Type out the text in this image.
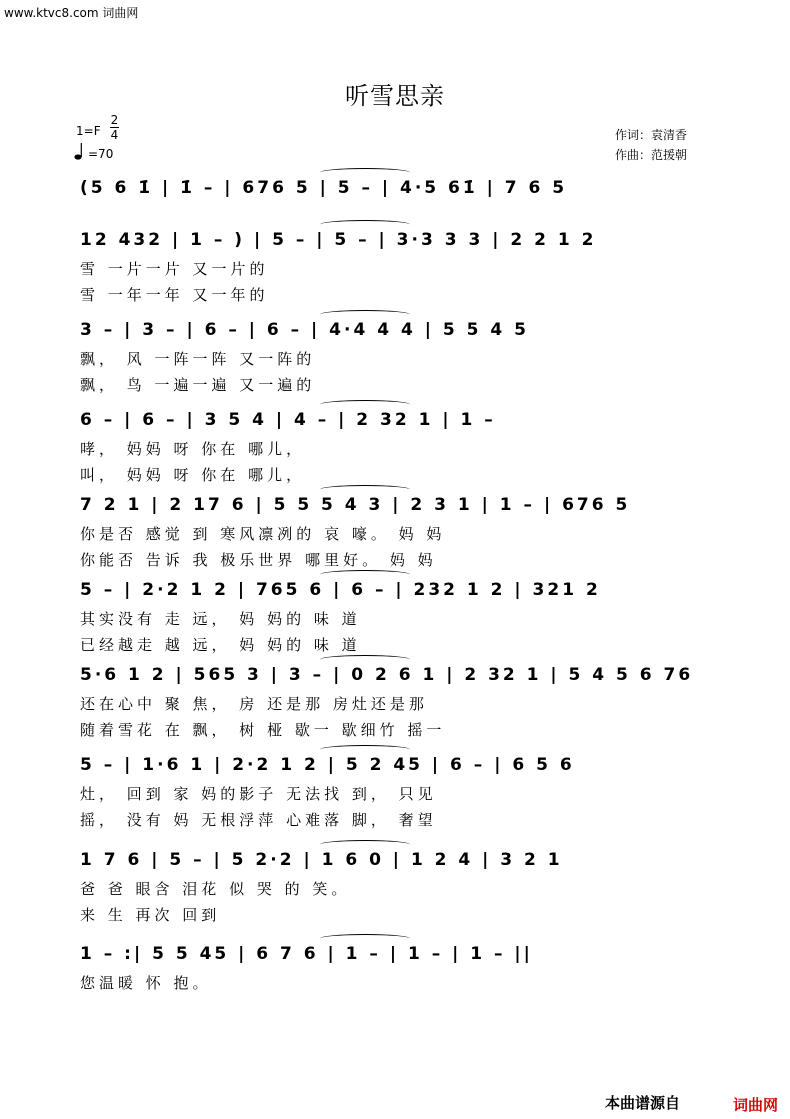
www.ktvc8.com 词曲网
听雪思亲
1=F
2
4
=70
作词：袁清香
作曲：范援朝
(5 6 1̇ | 1̇ – | 676 5 | 5 – | 4·5 61̇ | 7 6 5
12 432 | 1 – ) | 5 – | 5 – | 3·3 3 3 | 2 2 1 2
雪 一片一片 又一片的
雪 一年一年 又一年的
3 – | 3 – | 6 – | 6 – | 4·4 4 4 | 5 5 4 5
飘， 风 一阵一阵 又一阵的
飘， 鸟 一遍一遍 又一遍的
6 – | 6 – | 3 5 4 | 4 – | 2 32 1 | 1 –
哮， 妈妈 呀 你在 哪儿，
叫， 妈妈 呀 你在 哪儿，
7 2 1 | 2 17 6 | 5 5 5 4 3 | 2 3 1 | 1 – | 676 5
你是否 感觉 到 寒风凛冽的 哀 嚎。 妈 妈
你能否 告诉 我 极乐世界 哪里好。 妈 妈
5 – | 2·2 1 2 | 765 6 | 6 – | 232 1 2 | 321 2
其实没有 走 远， 妈 妈的 味 道
已经越走 越 远， 妈 妈的 味 道
5·6 1 2 | 565 3 | 3 – | 0 2 6 1 | 2 32 1 | 5 4 5 6 76
还在心中 聚 焦， 房 还是那 房灶还是那
随着雪花 在 飘， 树 桠 歇一 歇细竹 摇一
5 – | 1·6 1 | 2·2 1 2 | 5 2 45 | 6 – | 6 5 6
灶， 回到 家 妈的影子 无法找 到， 只见
摇， 没有 妈 无根浮萍 心难落 脚， 奢望
1 7 6 | 5 – | 5 2·2 | 1 6 0 | 1 2 4 | 3 2 1
爸 爸 眼含 泪花 似 哭 的 笑。
来 生 再次 回到
1 – :| 5 5 45 | 6 7 6 | 1 – | 1 – | 1 – ||
您温暖 怀 抱。
本曲谱源自	词曲网
